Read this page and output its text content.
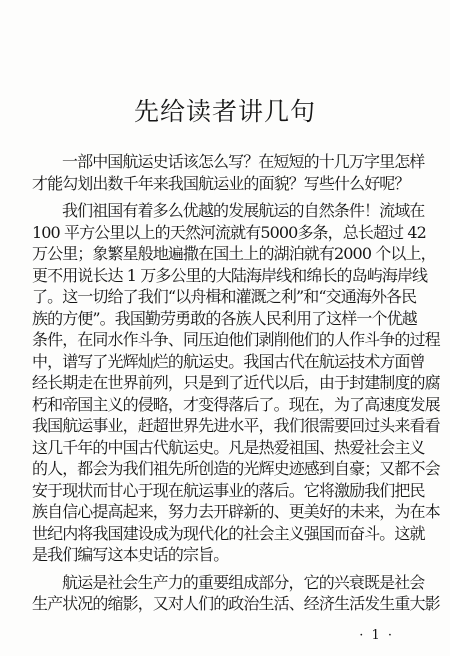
先给读者讲几句
一部中国航运史话该怎么写？在短短的十几万字里怎样
才能勾划出数千年来我国航运业的面貌？写些什么好呢？
我们祖国有着多么优越的发展航运的自然条件！流域在
100 平方公里以上的天然河流就有5000多条，总长超过 42
万公里；象繁星般地遍撒在国土上的湖泊就有2000 个以上，
更不用说长达 1 万多公里的大陆海岸线和绵长的岛屿海岸线
了。这一切给了我们“以舟楫和灌溉之利”和“交通海外各民
族的方便”。我国勤劳勇敢的各族人民利用了这样一个优越
条件，在同水作斗争、同压迫他们剥削他们的人作斗争的过程
中，谱写了光辉灿烂的航运史。我国古代在航运技术方面曾
经长期走在世界前列，只是到了近代以后，由于封建制度的腐
朽和帝国主义的侵略，才变得落后了。现在，为了高速度发展
我国航运事业，赶超世界先进水平，我们很需要回过头来看看
这几千年的中国古代航运史。凡是热爱祖国、热爱社会主义
的人，都会为我们祖先所创造的光辉史迹感到自豪；又都不会
安于现状而甘心于现在航运事业的落后。它将激励我们把民
族自信心提高起来，努力去开辟新的、更美好的未来，为在本
世纪内将我国建设成为现代化的社会主义强国而奋斗。这就
是我们编写这本史话的宗旨。
航运是社会生产力的重要组成部分，它的兴衰既是社会
生产状况的缩影，又对人们的政治生活、经济生活发生重大影
· 1 ·
